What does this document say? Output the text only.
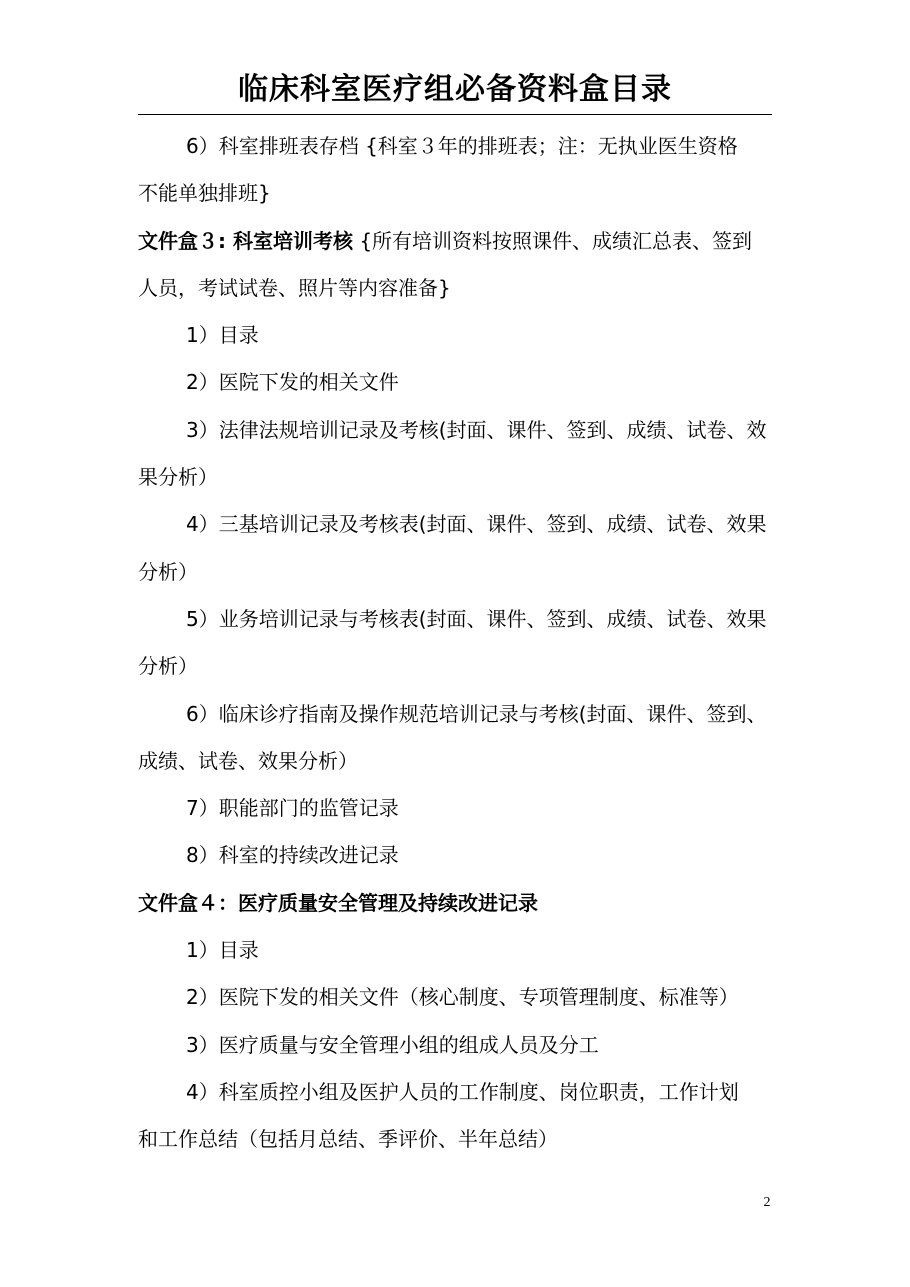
临床科室医疗组必备资料盒目录
6）科室排班表存档 {科室３年的排班表；注：无执业医生资格
不能单独排班}
文件盒３: 科室培训考核 {所有培训资料按照课件、成绩汇总表、签到
人员，考试试卷、照片等内容准备}
1）目录
2）医院下发的相关文件
3）法律法规培训记录及考核(封面、课件、签到、成绩、试卷、效
果分析）
4）三基培训记录及考核表(封面、课件、签到、成绩、试卷、效果
分析）
5）业务培训记录与考核表(封面、课件、签到、成绩、试卷、效果
分析）
6）临床诊疗指南及操作规范培训记录与考核(封面、课件、签到、
成绩、试卷、效果分析）
7）职能部门的监管记录
8）科室的持续改进记录
文件盒４：医疗质量安全管理及持续改进记录
1）目录
2）医院下发的相关文件（核心制度、专项管理制度、标准等）
3）医疗质量与安全管理小组的组成人员及分工
4）科室质控小组及医护人员的工作制度、岗位职责，工作计划
和工作总结（包括月总结、季评价、半年总结）
2
